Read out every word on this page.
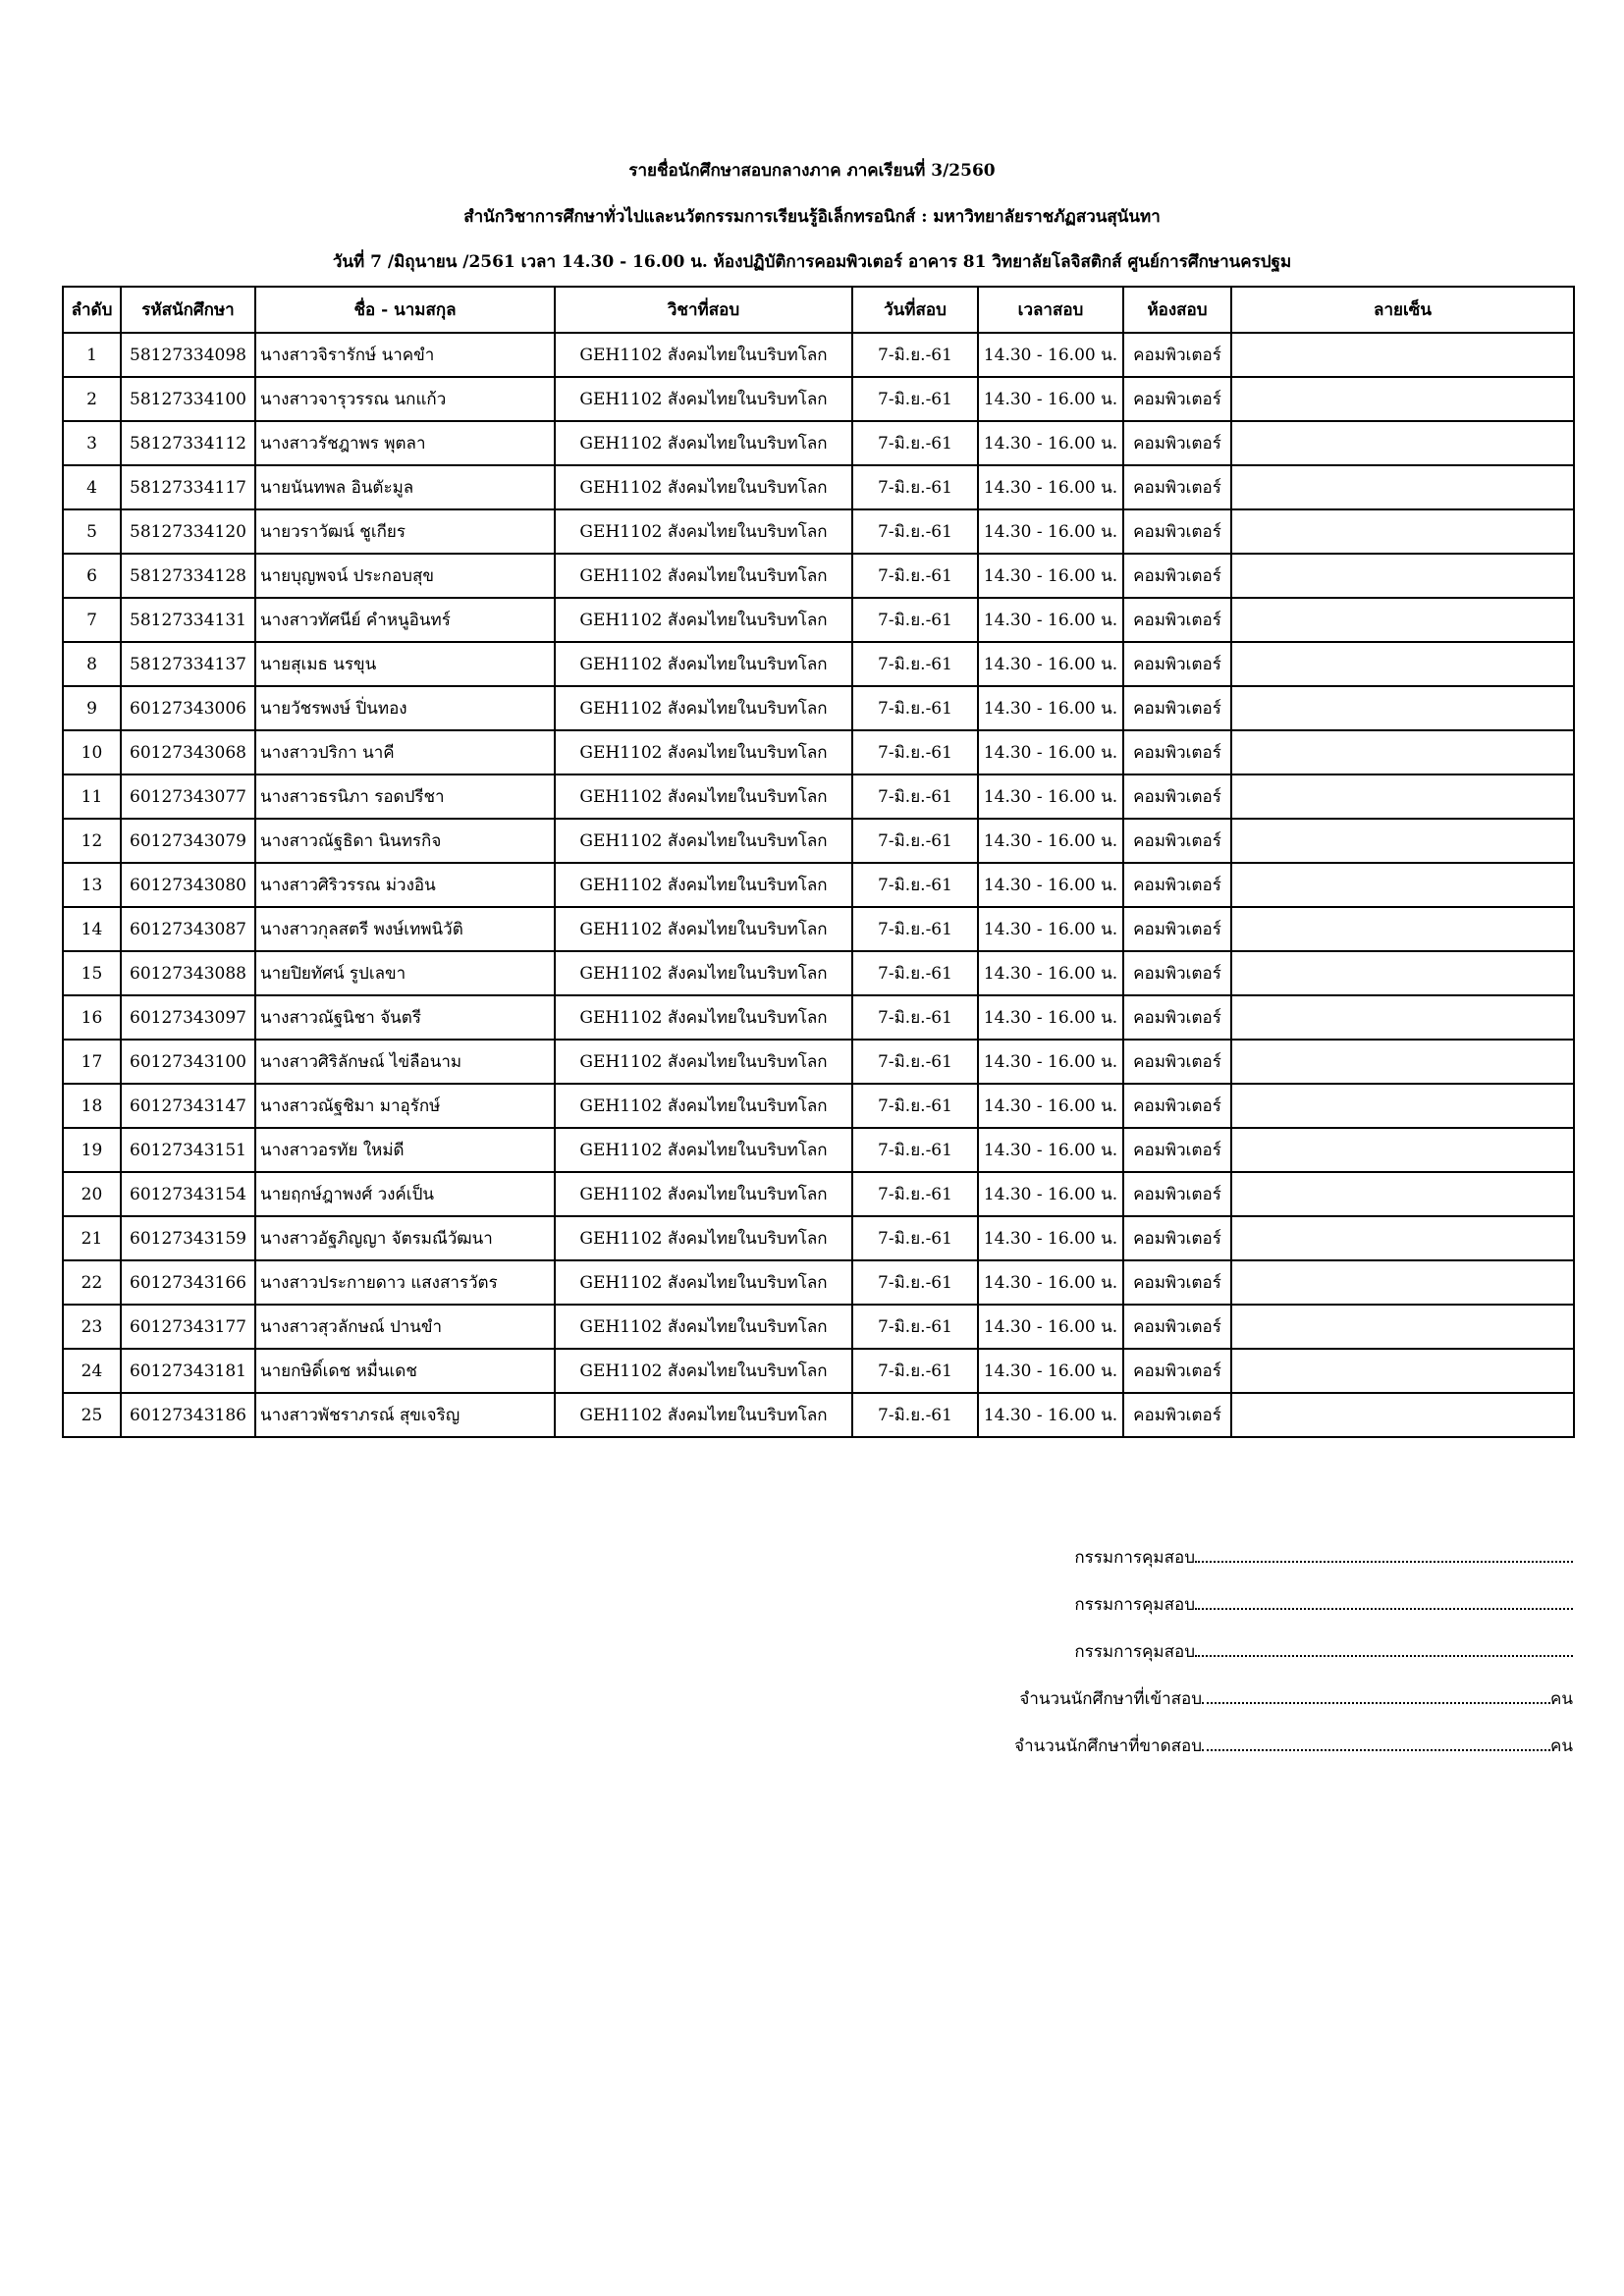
รายชื่อนักศึกษาสอบกลางภาค ภาคเรียนที่ 3/2560
สำนักวิชาการศึกษาทั่วไปและนวัตกรรมการเรียนรู้อิเล็กทรอนิกส์ : มหาวิทยาลัยราชภัฏสวนสุนันทา
วันที่ 7 /มิถุนายน /2561 เวลา 14.30 - 16.00 น. ห้องปฏิบัติการคอมพิวเตอร์ อาคาร 81 วิทยาลัยโลจิสติกส์ ศูนย์การศึกษานครปฐม
ลำดับ	รหัสนักศึกษา	ชื่อ - นามสกุล	วิชาที่สอบ	วันที่สอบ	เวลาสอบ	ห้องสอบ	ลายเซ็น
1	58127334098	นางสาวจิรารักษ์ นาคขำ	GEH1102 สังคมไทยในบริบทโลก	7-มิ.ย.-61	14.30 - 16.00 น.	คอมพิวเตอร์	
2	58127334100	นางสาวจารุวรรณ นกแก้ว	GEH1102 สังคมไทยในบริบทโลก	7-มิ.ย.-61	14.30 - 16.00 น.	คอมพิวเตอร์	
3	58127334112	นางสาวรัชฎาพร พุตลา	GEH1102 สังคมไทยในบริบทโลก	7-มิ.ย.-61	14.30 - 16.00 น.	คอมพิวเตอร์	
4	58127334117	นายนันทพล อินตัะมูล	GEH1102 สังคมไทยในบริบทโลก	7-มิ.ย.-61	14.30 - 16.00 น.	คอมพิวเตอร์	
5	58127334120	นายวราวัฒน์ ชูเกียร	GEH1102 สังคมไทยในบริบทโลก	7-มิ.ย.-61	14.30 - 16.00 น.	คอมพิวเตอร์	
6	58127334128	นายบุญพจน์ ประกอบสุข	GEH1102 สังคมไทยในบริบทโลก	7-มิ.ย.-61	14.30 - 16.00 น.	คอมพิวเตอร์	
7	58127334131	นางสาวทัศนีย์ คำหนูอินทร์	GEH1102 สังคมไทยในบริบทโลก	7-มิ.ย.-61	14.30 - 16.00 น.	คอมพิวเตอร์	
8	58127334137	นายสุเมธ นรขุน	GEH1102 สังคมไทยในบริบทโลก	7-มิ.ย.-61	14.30 - 16.00 น.	คอมพิวเตอร์	
9	60127343006	นายวัชรพงษ์ ปิ่นทอง	GEH1102 สังคมไทยในบริบทโลก	7-มิ.ย.-61	14.30 - 16.00 น.	คอมพิวเตอร์	
10	60127343068	นางสาวปริกา นาคี	GEH1102 สังคมไทยในบริบทโลก	7-มิ.ย.-61	14.30 - 16.00 น.	คอมพิวเตอร์	
11	60127343077	นางสาวธรนิภา รอดปรีชา	GEH1102 สังคมไทยในบริบทโลก	7-มิ.ย.-61	14.30 - 16.00 น.	คอมพิวเตอร์	
12	60127343079	นางสาวณัฐธิดา นินทรกิจ	GEH1102 สังคมไทยในบริบทโลก	7-มิ.ย.-61	14.30 - 16.00 น.	คอมพิวเตอร์	
13	60127343080	นางสาวศิริวรรณ ม่วงอิน	GEH1102 สังคมไทยในบริบทโลก	7-มิ.ย.-61	14.30 - 16.00 น.	คอมพิวเตอร์	
14	60127343087	นางสาวกุลสตรี พงษ์เทพนิวัติ	GEH1102 สังคมไทยในบริบทโลก	7-มิ.ย.-61	14.30 - 16.00 น.	คอมพิวเตอร์	
15	60127343088	นายปิยทัศน์ รูปเลขา	GEH1102 สังคมไทยในบริบทโลก	7-มิ.ย.-61	14.30 - 16.00 น.	คอมพิวเตอร์	
16	60127343097	นางสาวณัฐนิชา จันตรี	GEH1102 สังคมไทยในบริบทโลก	7-มิ.ย.-61	14.30 - 16.00 น.	คอมพิวเตอร์	
17	60127343100	นางสาวศิริลักษณ์ ไข่ลือนาม	GEH1102 สังคมไทยในบริบทโลก	7-มิ.ย.-61	14.30 - 16.00 น.	คอมพิวเตอร์	
18	60127343147	นางสาวณัฐชิมา มาอุรักษ์	GEH1102 สังคมไทยในบริบทโลก	7-มิ.ย.-61	14.30 - 16.00 น.	คอมพิวเตอร์	
19	60127343151	นางสาวอรทัย ใหม่ดี	GEH1102 สังคมไทยในบริบทโลก	7-มิ.ย.-61	14.30 - 16.00 น.	คอมพิวเตอร์	
20	60127343154	นายฤกษ์ฎาพงศ์ วงค์เป็น	GEH1102 สังคมไทยในบริบทโลก	7-มิ.ย.-61	14.30 - 16.00 น.	คอมพิวเตอร์	
21	60127343159	นางสาวอัฐภิญญา จัตรมณีวัฒนา	GEH1102 สังคมไทยในบริบทโลก	7-มิ.ย.-61	14.30 - 16.00 น.	คอมพิวเตอร์	
22	60127343166	นางสาวประกายดาว แสงสารวัตร	GEH1102 สังคมไทยในบริบทโลก	7-มิ.ย.-61	14.30 - 16.00 น.	คอมพิวเตอร์	
23	60127343177	นางสาวสุวลักษณ์ ปานขำ	GEH1102 สังคมไทยในบริบทโลก	7-มิ.ย.-61	14.30 - 16.00 น.	คอมพิวเตอร์	
24	60127343181	นายกษิดิ์เดช หมื่นเดช	GEH1102 สังคมไทยในบริบทโลก	7-มิ.ย.-61	14.30 - 16.00 น.	คอมพิวเตอร์	
25	60127343186	นางสาวพัชราภรณ์ สุขเจริญ	GEH1102 สังคมไทยในบริบทโลก	7-มิ.ย.-61	14.30 - 16.00 น.	คอมพิวเตอร์	
กรรมการคุมสอบ
กรรมการคุมสอบ
กรรมการคุมสอบ
จำนวนนักศึกษาที่เข้าสอบ	คน
จำนวนนักศึกษาที่ขาดสอบ	คน
